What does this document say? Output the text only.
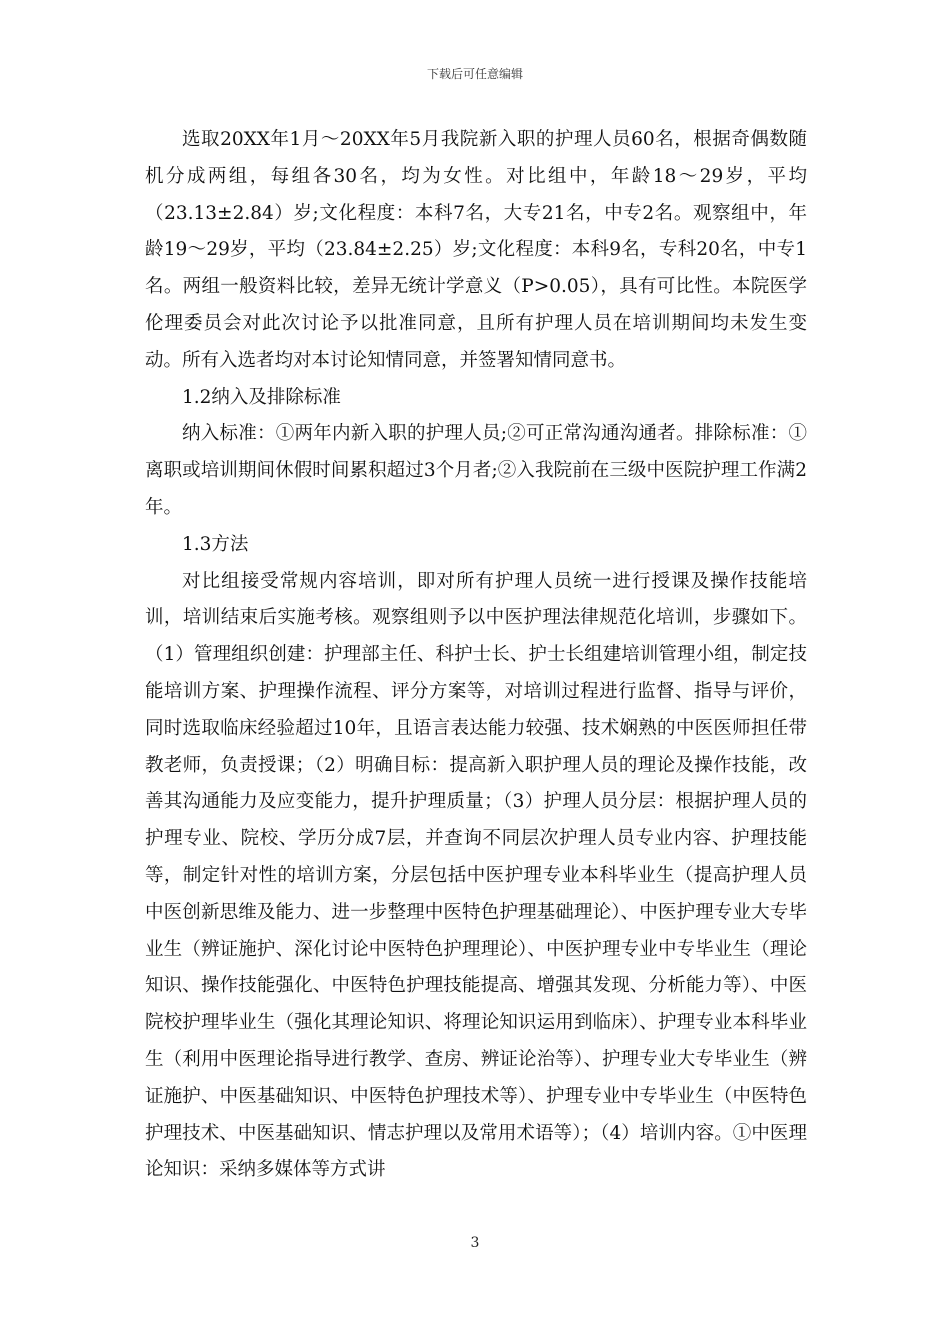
下载后可任意编辑

选取20XX年1月～20XX年5月我院新入职的护理人员60名，根据奇偶数随机分成两组，每组各30名，均为女性。对比组中，年龄18～29岁，平均（23.13±2.84）岁;文化程度：本科7名，大专21名，中专2名。观察组中，年龄19～29岁，平均（23.84±2.25）岁;文化程度：本科9名，专科20名，中专1名。两组一般资料比较，差异无统计学意义（P>0.05），具有可比性。本院医学伦理委员会对此次讨论予以批准同意，且所有护理人员在培训期间均未发生变动。所有入选者均对本讨论知情同意，并签署知情同意书。

1.2纳入及排除标准

纳入标准：①两年内新入职的护理人员;②可正常沟通沟通者。排除标准：①离职或培训期间休假时间累积超过3个月者;②入我院前在三级中医院护理工作满2年。

1.3方法

对比组接受常规内容培训，即对所有护理人员统一进行授课及操作技能培训，培训结束后实施考核。观察组则予以中医护理法律规范化培训，步骤如下。（1）管理组织创建：护理部主任、科护士长、护士长组建培训管理小组，制定技能培训方案、护理操作流程、评分方案等，对培训过程进行监督、指导与评价，同时选取临床经验超过10年，且语言表达能力较强、技术娴熟的中医医师担任带教老师，负责授课；（2）明确目标：提高新入职护理人员的理论及操作技能，改善其沟通能力及应变能力，提升护理质量；（3）护理人员分层：根据护理人员的护理专业、院校、学历分成7层，并查询不同层次护理人员专业内容、护理技能等，制定针对性的培训方案，分层包括中医护理专业本科毕业生（提高护理人员中医创新思维及能力、进一步整理中医特色护理基础理论）、中医护理专业大专毕业生（辨证施护、深化讨论中医特色护理理论）、中医护理专业中专毕业生（理论知识、操作技能强化、中医特色护理技能提高、增强其发现、分析能力等）、中医院校护理毕业生（强化其理论知识、将理论知识运用到临床）、护理专业本科毕业生（利用中医理论指导进行教学、查房、辨证论治等）、护理专业大专毕业生（辨证施护、中医基础知识、中医特色护理技术等）、护理专业中专毕业生（中医特色护理技术、中医基础知识、情志护理以及常用术语等）；（4）培训内容。①中医理论知识：采纳多媒体等方式讲

3
